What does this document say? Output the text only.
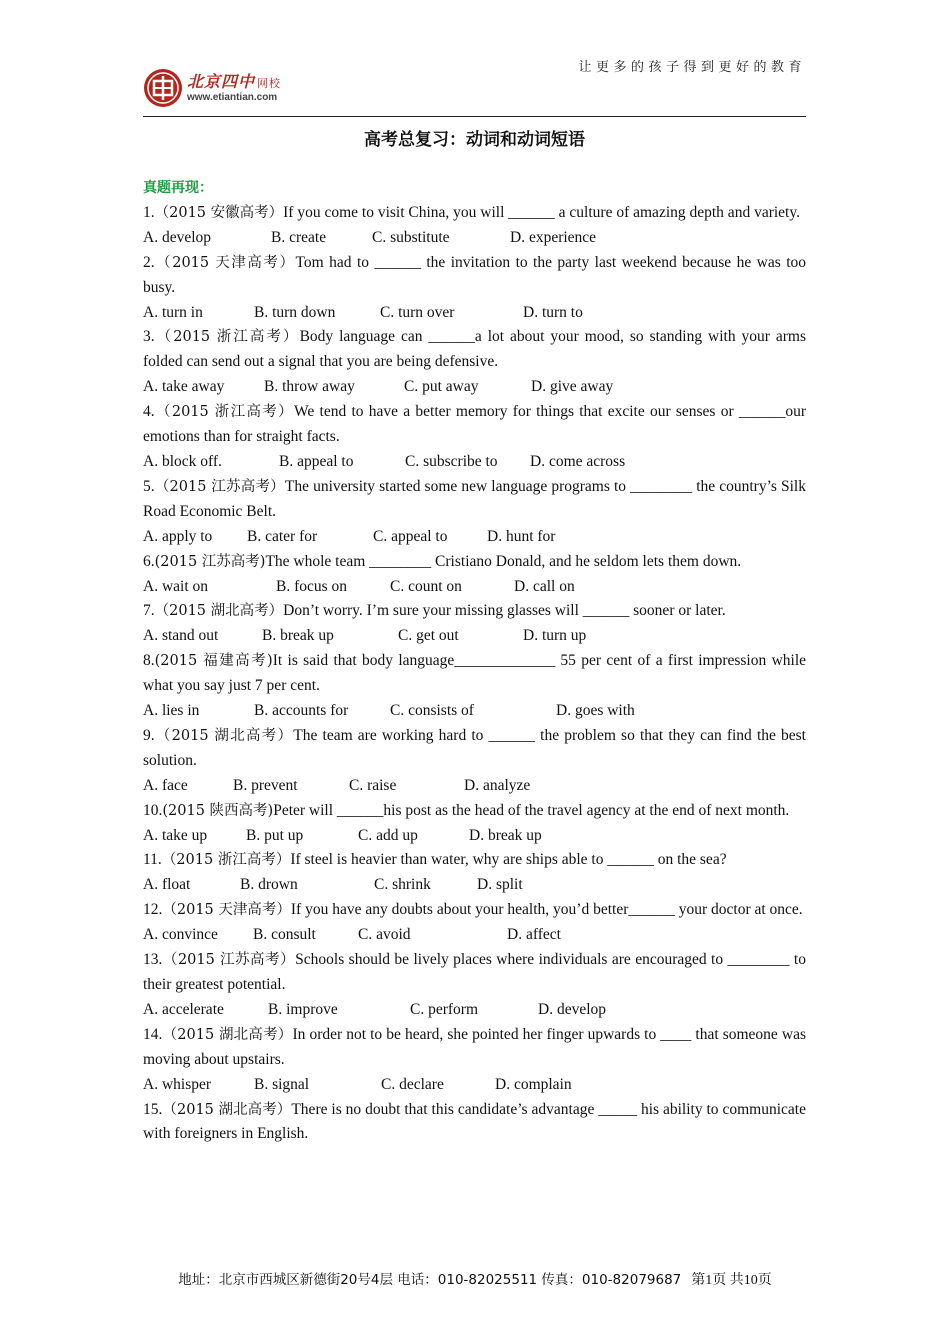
北京四中 网校
www.etiantian.com
让更多的孩子得到更好的教育
高考总复习：动词和动词短语
真题再现：
1.（2015 安徽高考）If you come to visit China, you will ______ a culture of amazing depth and variety.
A. develop	B. create	C. substitute	D. experience
2.（2015 天津高考）Tom had to ______ the invitation to the party last weekend because he was too busy.
A. turn in	B. turn down	C. turn over	D. turn to
3.（2015 浙江高考）Body language can ______a lot about your mood, so standing with your arms folded can send out a signal that you are being defensive.
A. take away	B. throw away	C. put away	D. give away
4.（2015 浙江高考）We tend to have a better memory for things that excite our senses or ______our emotions than for straight facts.
A. block off.	B. appeal to	C. subscribe to D. come across
5.（2015 江苏高考）The university started some new language programs to ________ the country’s Silk Road Economic Belt.
A. apply to B. cater for	C. appeal to	D. hunt for
6.(2015 江苏高考)The whole team ________ Cristiano Donald, and he seldom lets them down.
A. wait on	B. focus on	C. count on	D. call on
7.（2015 湖北高考）Don’t worry. I’m sure your missing glasses will ______ sooner or later.
A. stand out	B. break up	C. get out	D. turn up
8.(2015 福建高考)It is said that body language_____________ 55 per cent of a first impression while what you say just 7 per cent.
A. lies in	B. accounts for	C. consists of	D. goes with
9.（2015 湖北高考）The team are working hard to ______ the problem so that they can find the best solution.
A. face	B. prevent	C. raise	D. analyze
10.(2015 陕西高考)Peter will ______his post as the head of the travel agency at the end of next month.
A. take up	B. put up	C. add up	D. break up
11.（2015 浙江高考）If steel is heavier than water, why are ships able to ______ on the sea?
A. float	B. drown	C. shrink	D. split
12.（2015 天津高考）If you have any doubts about your health, you’d better______ your doctor at once.
A. convince B. consult	C. avoid	D. affect
13.（2015 江苏高考）Schools should be lively places where individuals are encouraged to ________ to their greatest potential.
A. accelerate	B. improve	C. perform	D. develop
14.（2015 湖北高考）In order not to be heard, she pointed her finger upwards to ____ that someone was moving about upstairs.
A. whisper	B. signal	C. declare	D. complain
15.（2015 湖北高考）There is no doubt that this candidate’s advantage _____ his ability to communicate with foreigners in English.
地址：北京市西城区新德街20号4层 电话：010-82025511 传真：010-82079687 第1页 共10页
